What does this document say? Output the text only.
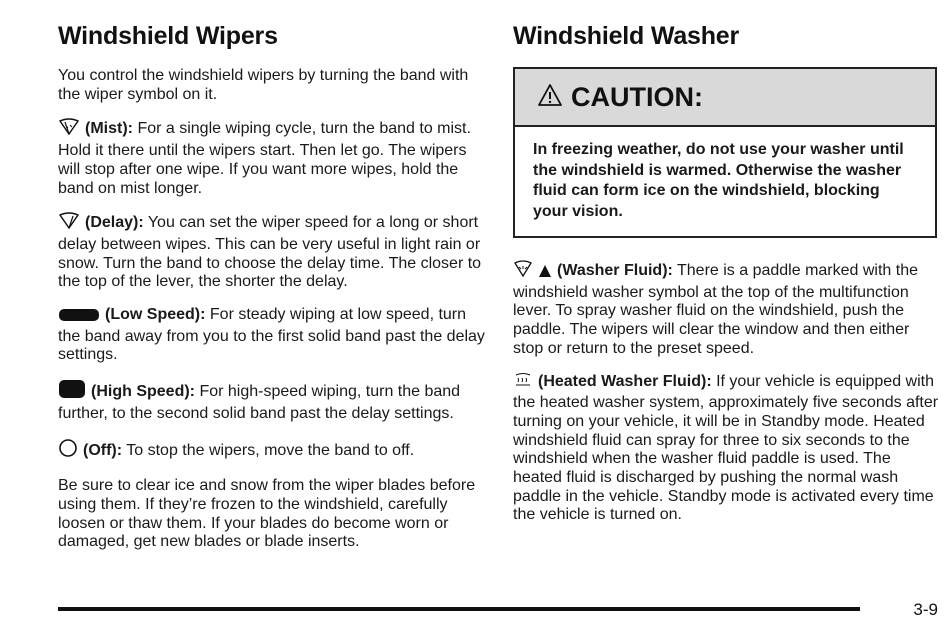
Windshield Wipers

You control the windshield wipers by turning the band with the wiper symbol on it.

(Mist): For a single wiping cycle, turn the band to mist. Hold it there until the wipers start. Then let go. The wipers will stop after one wipe. If you want more wipes, hold the band on mist longer.

(Delay): You can set the wiper speed for a long or short delay between wipes. This can be very useful in light rain or snow. Turn the band to choose the delay time. The closer to the top of the lever, the shorter the delay.

(Low Speed): For steady wiping at low speed, turn the band away from you to the first solid band past the delay settings.

(High Speed): For high-speed wiping, turn the band further, to the second solid band past the delay settings.

(Off): To stop the wipers, move the band to off.

Be sure to clear ice and snow from the wiper blades before using them. If they’re frozen to the windshield, carefully loosen or thaw them. If your blades do become worn or damaged, get new blades or blade inserts.

Windshield Washer
CAUTION:
In freezing weather, do not use your washer until the windshield is warmed. Otherwise the washer fluid can form ice on the windshield, blocking your vision.

(Washer Fluid): There is a paddle marked with the windshield washer symbol at the top of the multifunction lever. To spray washer fluid on the windshield, push the paddle. The wipers will clear the window and then either stop or return to the preset speed.

(Heated Washer Fluid): If your vehicle is equipped with the heated washer system, approximately five seconds after turning on your vehicle, it will be in Standby mode. Heated windshield fluid can spray for three to six seconds to the windshield when the washer fluid paddle is used. The heated fluid is discharged by pushing the normal wash paddle in the vehicle. Standby mode is activated every time the vehicle is turned on.

3-9
